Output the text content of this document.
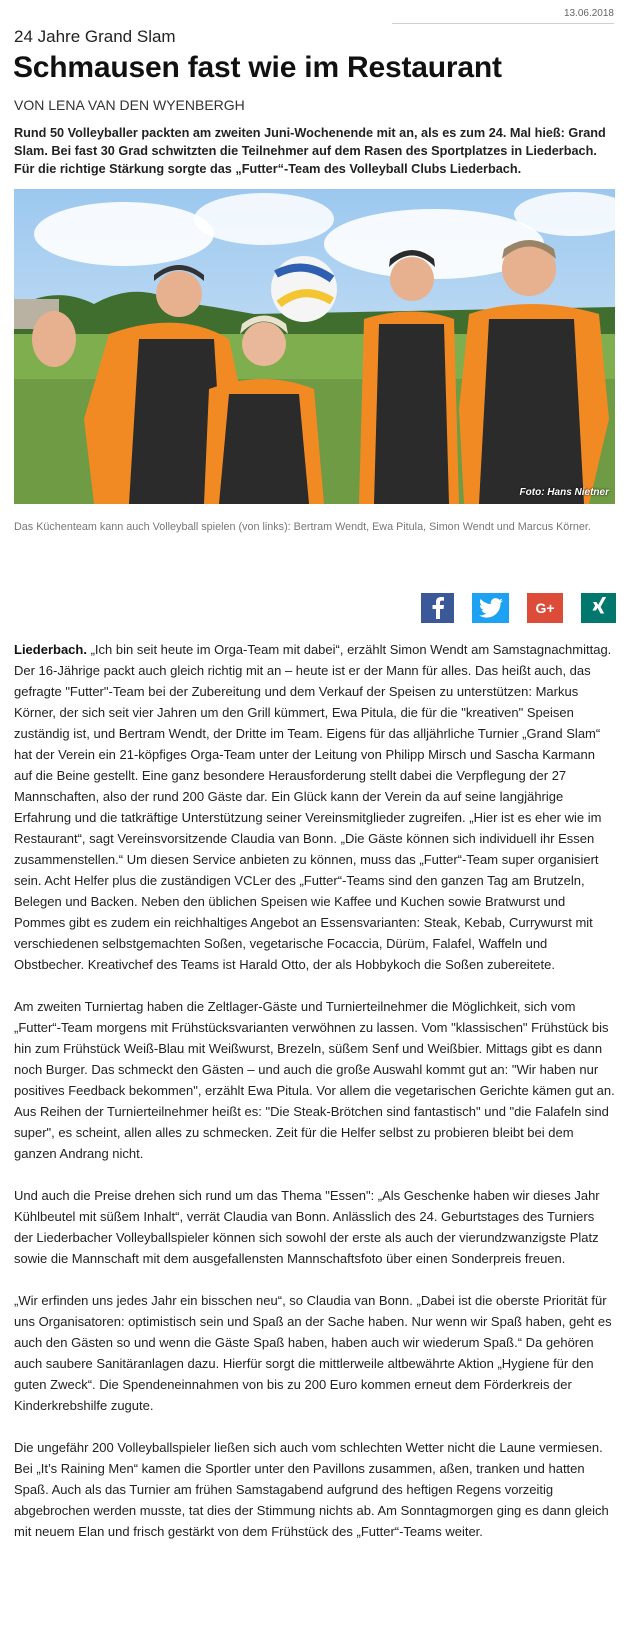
13.06.2018
24 Jahre Grand Slam
Schmausen fast wie im Restaurant
VON LENA VAN DEN WYENBERGH

Rund 50 Volleyballer packten am zweiten Juni-Wochenende mit an, als es zum 24. Mal hieß: Grand Slam. Bei fast 30 Grad schwitzten die Teilnehmer auf dem Rasen des Sportplatzes in Liederbach. Für die richtige Stärkung sorgte das „Futter“-Team des Volleyball Clubs Liederbach.

Foto: Hans Nietner

Das Küchenteam kann auch Volleyball spielen (von links): Bertram Wendt, Ewa Pitula, Simon Wendt und Marcus Körner.

G+

Liederbach. „Ich bin seit heute im Orga-Team mit dabei“, erzählt Simon Wendt am Samstagnachmittag. Der 16-Jährige packt auch gleich richtig mit an – heute ist er der Mann für alles. Das heißt auch, das gefragte "Futter"-Team bei der Zubereitung und dem Verkauf der Speisen zu unterstützen: Markus Körner, der sich seit vier Jahren um den Grill kümmert, Ewa Pitula, die für die "kreativen" Speisen zuständig ist, und Bertram Wendt, der Dritte im Team. Eigens für das alljährliche Turnier „Grand Slam“ hat der Verein ein 21-köpfiges Orga-Team unter der Leitung von Philipp Mirsch und Sascha Karmann auf die Beine gestellt. Eine ganz besondere Herausforderung stellt dabei die Verpflegung der 27 Mannschaften, also der rund 200 Gäste dar. Ein Glück kann der Verein da auf seine langjährige Erfahrung und die tatkräftige Unterstützung seiner Vereinsmitglieder zugreifen. „Hier ist es eher wie im Restaurant“, sagt Vereinsvorsitzende Claudia van Bonn. „Die Gäste können sich individuell ihr Essen zusammenstellen.“ Um diesen Service anbieten zu können, muss das „Futter“-Team super organisiert sein. Acht Helfer plus die zuständigen VCLer des „Futter“-Teams sind den ganzen Tag am Brutzeln, Belegen und Backen. Neben den üblichen Speisen wie Kaffee und Kuchen sowie Bratwurst und Pommes gibt es zudem ein reichhaltiges Angebot an Essensvarianten: Steak, Kebab, Currywurst mit verschiedenen selbstgemachten Soßen, vegetarische Focaccia, Dürüm, Falafel, Waffeln und Obstbecher. Kreativchef des Teams ist Harald Otto, der als Hobbykoch die Soßen zubereitete.

Am zweiten Turniertag haben die Zeltlager-Gäste und Turnierteilnehmer die Möglichkeit, sich vom „Futter“-Team morgens mit Frühstücksvarianten verwöhnen zu lassen. Vom "klassischen" Frühstück bis hin zum Frühstück Weiß-Blau mit Weißwurst, Brezeln, süßem Senf und Weißbier. Mittags gibt es dann noch Burger. Das schmeckt den Gästen – und auch die große Auswahl kommt gut an: "Wir haben nur positives Feedback bekommen", erzählt Ewa Pitula. Vor allem die vegetarischen Gerichte kämen gut an. Aus Reihen der Turnierteilnehmer heißt es: "Die Steak-Brötchen sind fantastisch" und "die Falafeln sind super", es scheint, allen alles zu schmecken. Zeit für die Helfer selbst zu probieren bleibt bei dem ganzen Andrang nicht.

Und auch die Preise drehen sich rund um das Thema "Essen": „Als Geschenke haben wir dieses Jahr Kühlbeutel mit süßem Inhalt“, verrät Claudia van Bonn. Anlässlich des 24. Geburtstages des Turniers der Liederbacher Volleyballspieler können sich sowohl der erste als auch der vierundzwanzigste Platz sowie die Mannschaft mit dem ausgefallensten Mannschaftsfoto über einen Sonderpreis freuen.

„Wir erfinden uns jedes Jahr ein bisschen neu“, so Claudia van Bonn. „Dabei ist die oberste Priorität für uns Organisatoren: optimistisch sein und Spaß an der Sache haben. Nur wenn wir Spaß haben, geht es auch den Gästen so und wenn die Gäste Spaß haben, haben auch wir wiederum Spaß.“ Da gehören auch saubere Sanitäranlagen dazu. Hierfür sorgt die mittlerweile altbewährte Aktion „Hygiene für den guten Zweck“. Die Spendeneinnahmen von bis zu 200 Euro kommen erneut dem Förderkreis der Kinderkrebshilfe zugute.

Die ungefähr 200 Volleyballspieler ließen sich auch vom schlechten Wetter nicht die Laune vermiesen. Bei „It’s Raining Men“ kamen die Sportler unter den Pavillons zusammen, aßen, tranken und hatten Spaß. Auch als das Turnier am frühen Samstagabend aufgrund des heftigen Regens vorzeitig abgebrochen werden musste, tat dies der Stimmung nichts ab. Am Sonntagmorgen ging es dann gleich mit neuem Elan und frisch gestärkt von dem Frühstück des „Futter“-Teams weiter.
